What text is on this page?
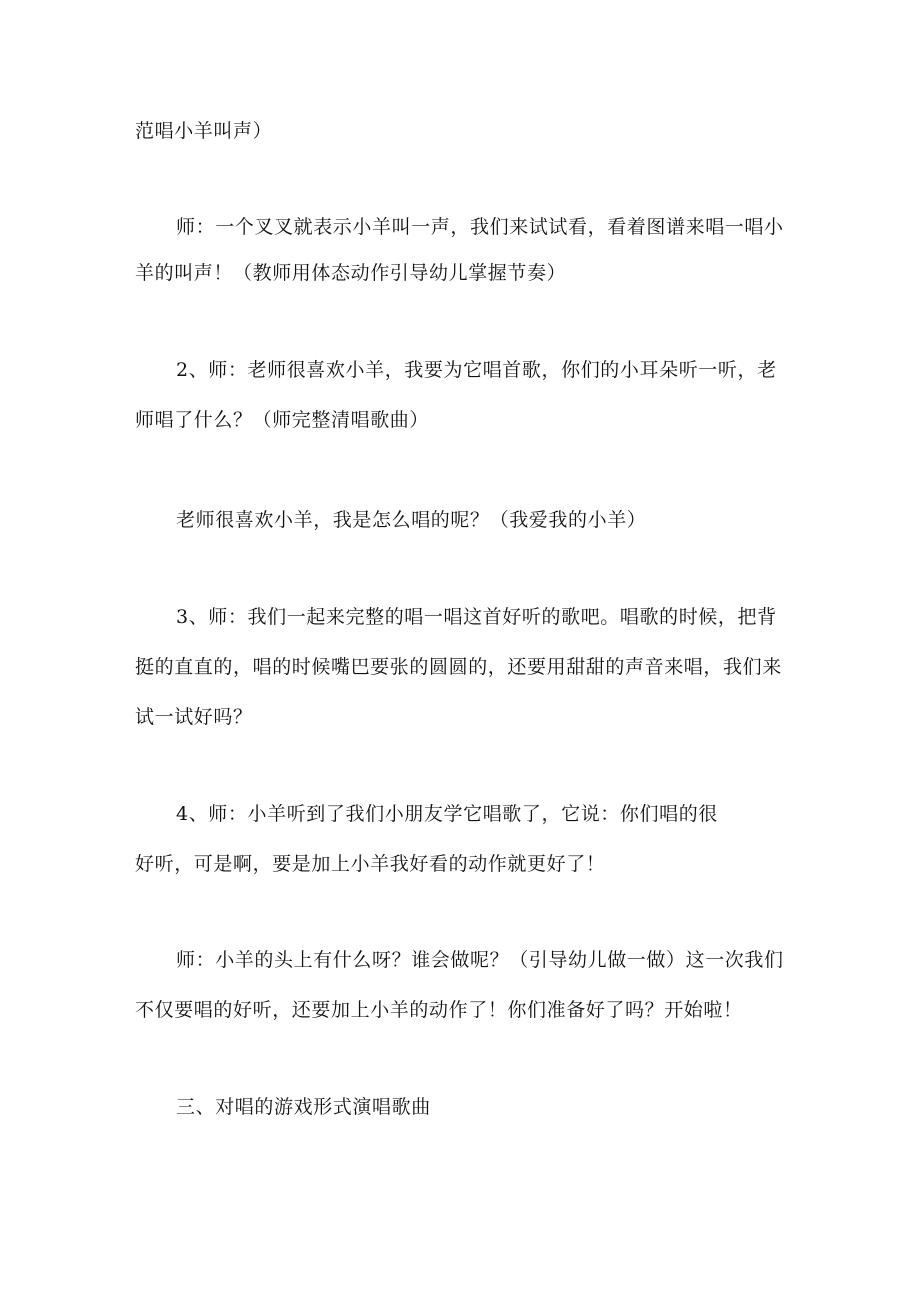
范唱小羊叫声）
师：一个叉叉就表示小羊叫一声，我们来试试看，看着图谱来唱一唱小
羊的叫声！（教师用体态动作引导幼儿掌握节奏）
2、师：老师很喜欢小羊，我要为它唱首歌，你们的小耳朵听一听，老
师唱了什么？（师完整清唱歌曲）
老师很喜欢小羊，我是怎么唱的呢？（我爱我的小羊）
3、师：我们一起来完整的唱一唱这首好听的歌吧。唱歌的时候，把背
挺的直直的，唱的时候嘴巴要张的圆圆的，还要用甜甜的声音来唱，我们来
试一试好吗？
4、师：小羊听到了我们小朋友学它唱歌了，它说：你们唱的很
好听，可是啊，要是加上小羊我好看的动作就更好了！
师：小羊的头上有什么呀？谁会做呢？（引导幼儿做一做）这一次我们
不仅要唱的好听，还要加上小羊的动作了！你们准备好了吗？开始啦！
三、对唱的游戏形式演唱歌曲
